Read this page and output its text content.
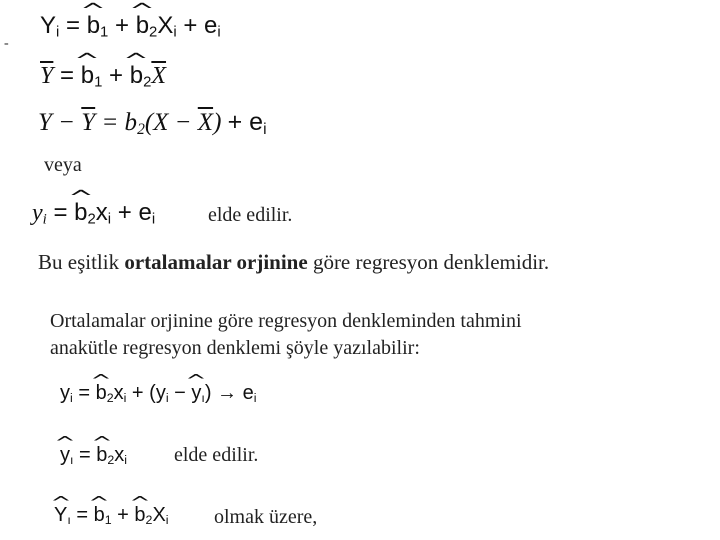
-
$Y_i$ = ^ $b_1$ + ^ $b_2X_i + e_i$
$\overline{Y}$ = ^ $b_1$ + ^ $b_2\overline{X}$
$Y - \overline{Y} = b_2(X - \overline{X}) + e_i$
veya
$y_i$ = ^ $b_2x_i + e_i$	elde edilir.
Bu eşitlik ortalamalar orjinine göre regresyon denklemidir.
Ortalamalar orjinine göre regresyon denkleminden tahmini
anakütle regresyon denklemi şöyle yazılabilir:
$y_i$ = ^ $b_2x_i + (y_i$ − ^ $y_ı) \to e_i$
^ $y_ı$ = ^ $b_2x_i$ elde edilir.
^ $Y_ı$ = ^ $b_1$ + ^ $b_2X_i$ olmak üzere,
